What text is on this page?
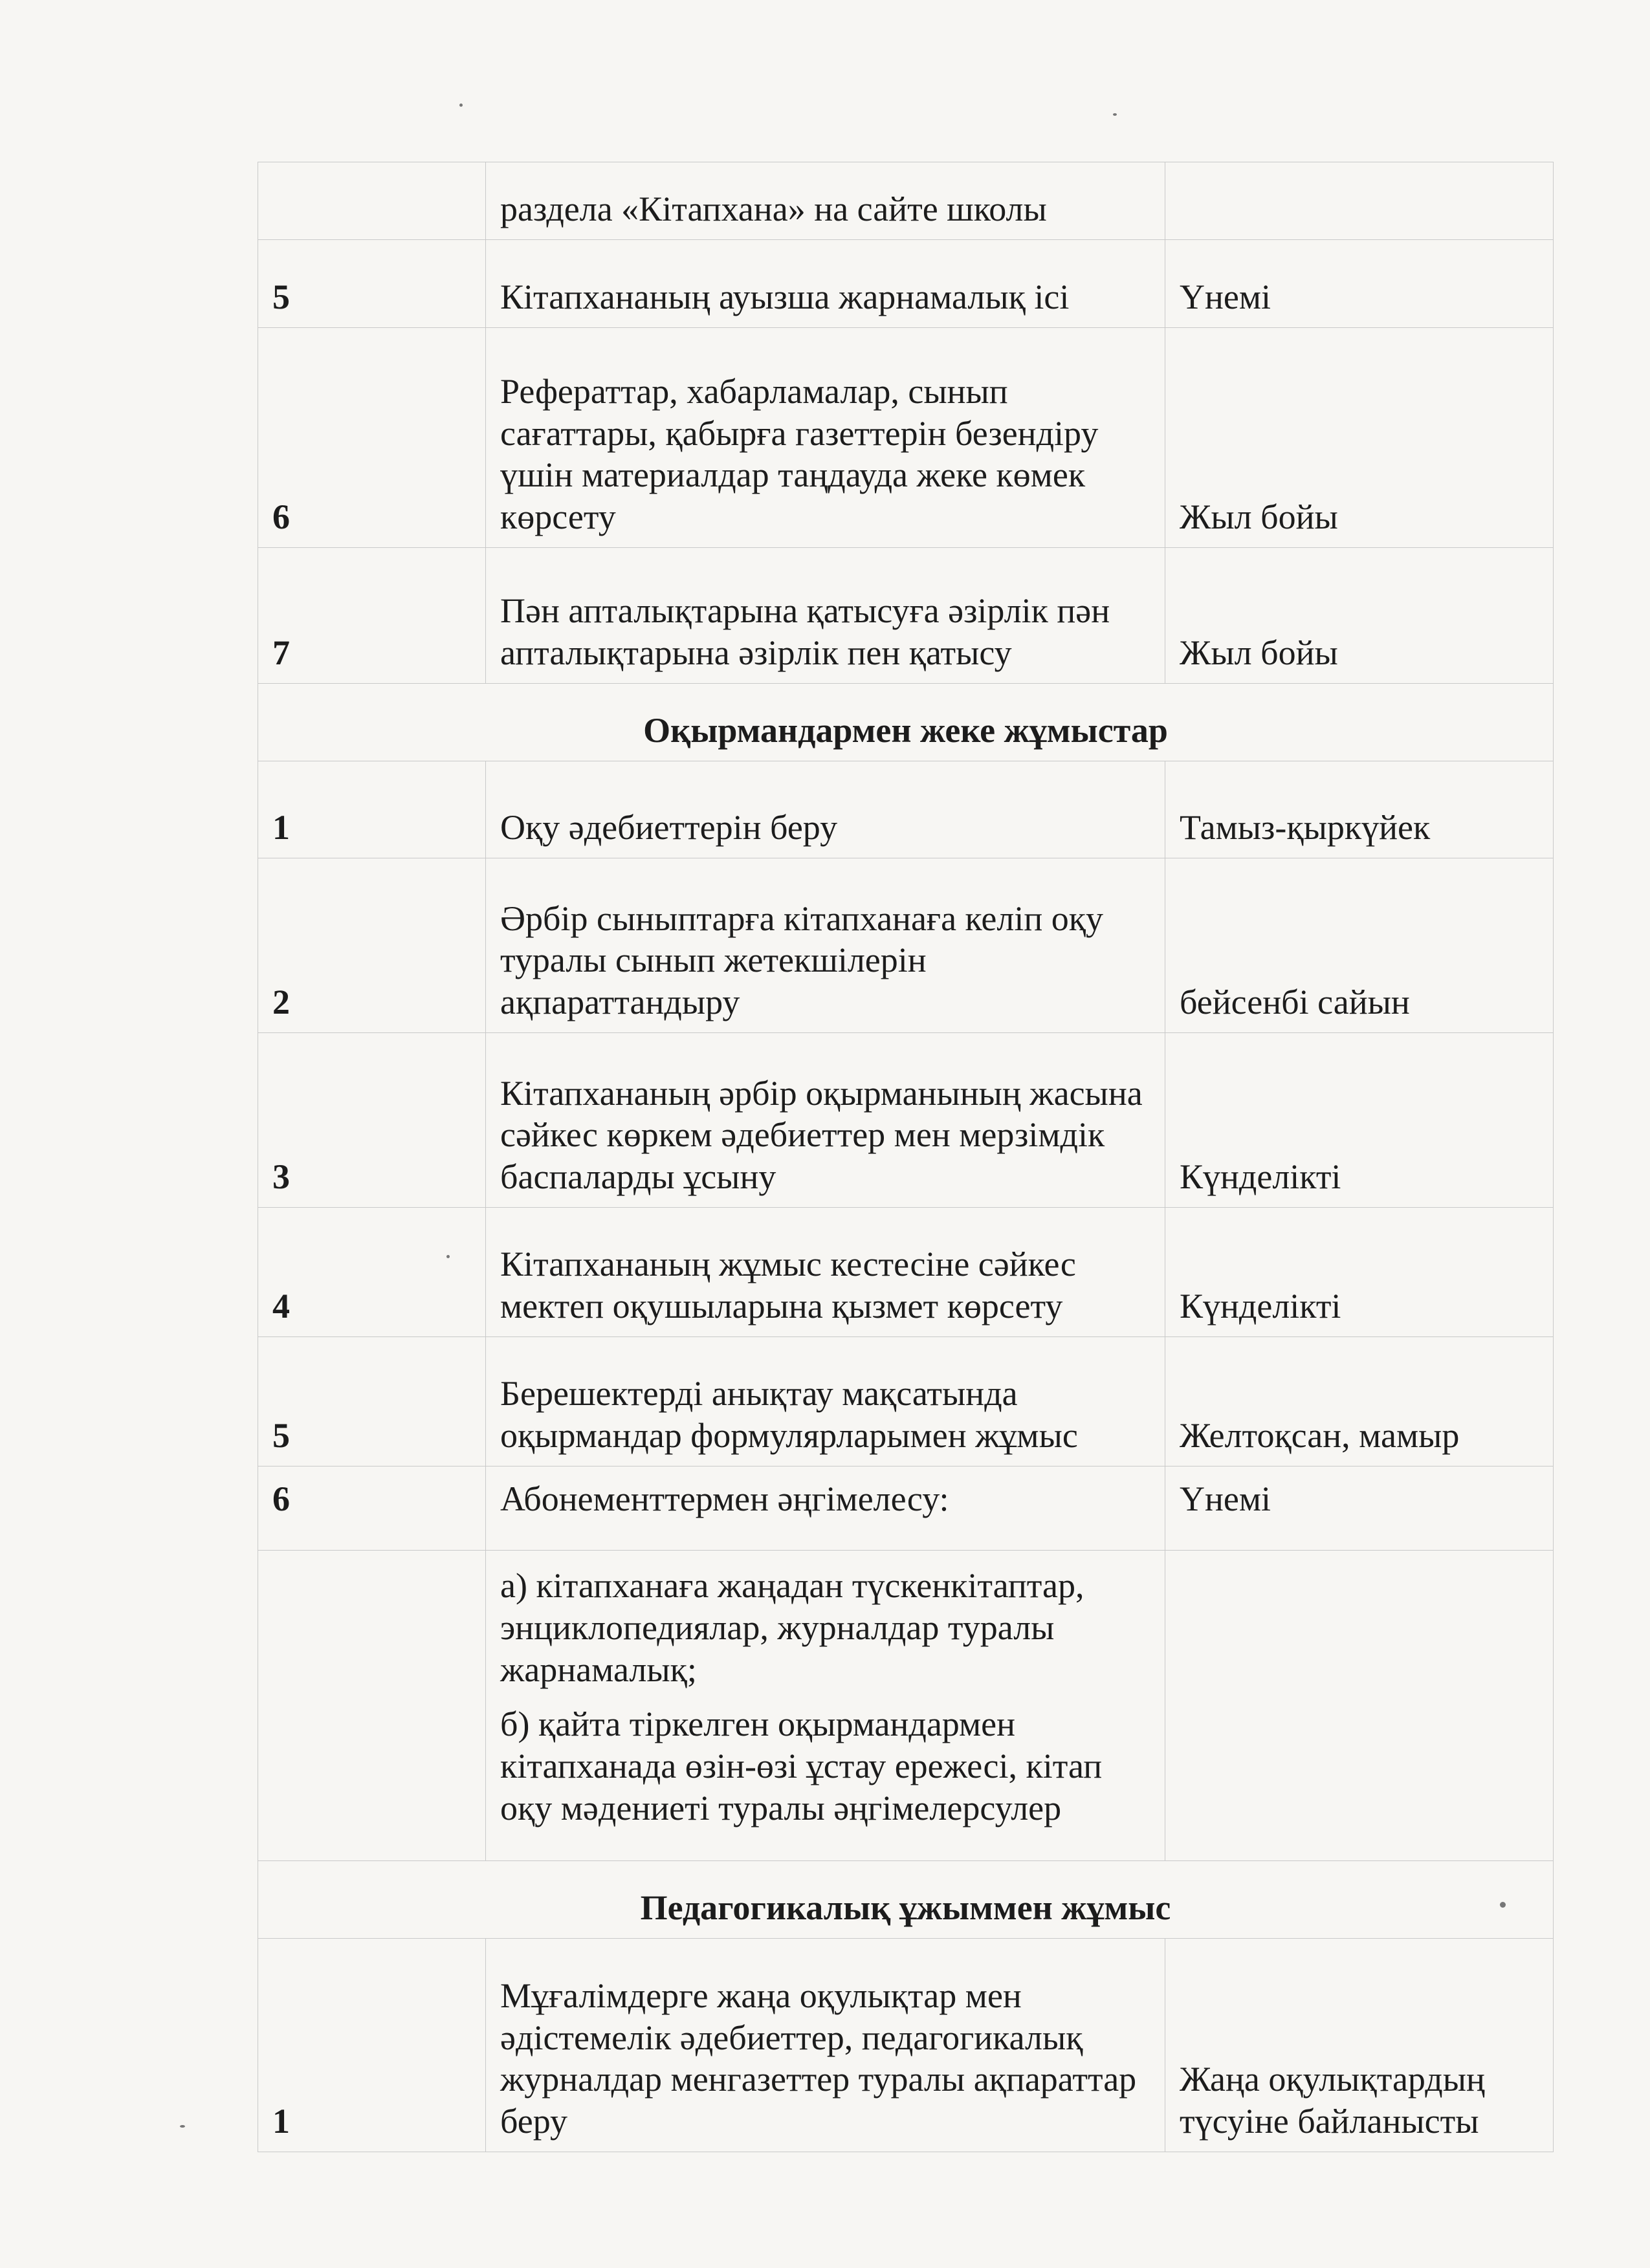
	раздела «Кітапхана» на сайте школы	
5	Кітапхананың ауызша жарнамалық ісі	Үнемі
6	Рефераттар, хабарламалар, сынып сағаттары, қабырға газеттерін безендіру үшін материалдар таңдауда жеке көмек көрсету	Жыл бойы
7	Пән апталықтарына қатысуға әзірлік пән апталықтарына әзірлік пен қатысу	Жыл бойы
Оқырмандармен жеке жұмыстар		
1	Оқу әдебиеттерін беру	Тамыз-қыркүйек
2	Әрбір сыныптарға кітапханаға келіп оқу туралы сынып жетекшілерін ақпараттандыру	бейсенбі сайын
3	Кітапхананың әрбір оқырманының жасына сәйкес көркем әдебиеттер мен мерзімдік баспаларды ұсыну	Күнделікті
4	Кітапхананың жұмыс кестесіне сәйкес мектеп оқушыларына қызмет көрсету	Күнделікті
5	Берешектерді анықтау мақсатында оқырмандар формулярларымен жұмыс	Желтоқсан, мамыр
6	Абонементтермен әңгімелесу:	Үнемі

	а) кітапханаға жаңадан түскенкітаптар, энциклопедиялар, журналдар туралы жарнамалық;
б) қайта тіркелген оқырмандармен кітапханада өзін-өзі ұстау ережесі, кітап оқу мәдениеті туралы әңгімелерсулер	

Педагогикалық ұжыммен жұмыс		
1	Мұғалімдерге жаңа оқулықтар мен әдістемелік әдебиеттер, педагогикалық журналдар менгазеттер туралы ақпараттар беру	Жаңа оқулықтардың түсуіне байланысты
